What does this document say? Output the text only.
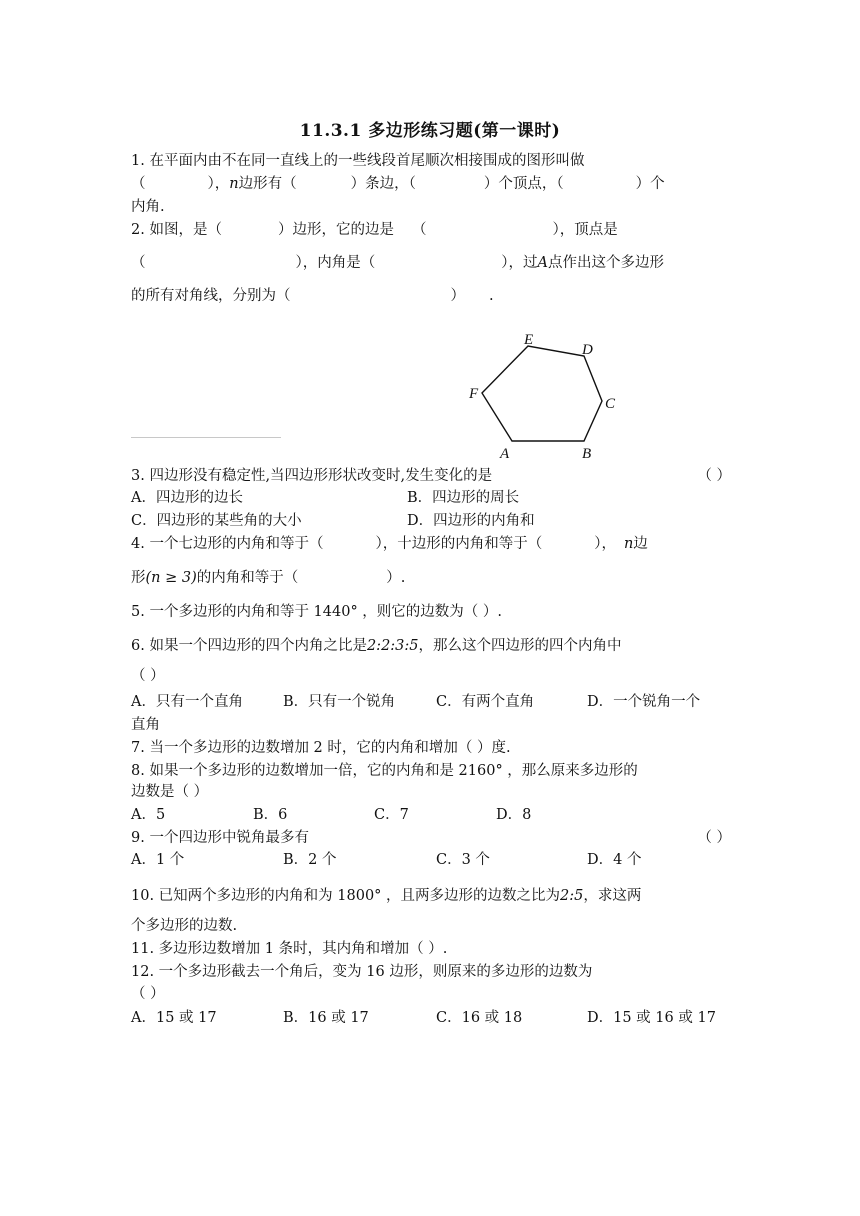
11.3.1 多边形练习题(第一课时)
1. 在平面内由不在同一直线上的一些线段首尾顺次相接围成的图形叫做
（	），n边形有（	）条边，（	）个顶点，（	）个
内角.
2. 如图，是（	）边形，它的边是 （	），顶点是
（	），内角是（	），过A点作出这个多边形
的所有对角线，分别为（	） .
A	B
C
D
E
F
3. 四边形没有稳定性,当四边形形状改变时,发生变化的是	（ ）
A．四边形的边长	B．四边形的周长
C．四边形的某些角的大小	D．四边形的内角和
4. 一个七边形的内角和等于（	），十边形的内角和等于（	）， n边
形(n ≥ 3)的内角和等于（	）.
5. 一个多边形的内角和等于 1440° ，则它的边数为（ ）.
6. 如果一个四边形的四个内角之比是2:2:3:5，那么这个四边形的四个内角中
（ ）
A．只有一个直角	B．只有一个锐角	C．有两个直角	D．一个锐角一个
直角
7. 当一个多边形的边数增加 2 时，它的内角和增加（ ）度.
8. 如果一个多边形的边数增加一倍，它的内角和是 2160° ，那么原来多边形的
边数是（ ）
A．5	B．6	C．7	D．8
9. 一个四边形中锐角最多有	（ ）
A．1 个	B．2 个	C．3 个	D．4 个
10. 已知两个多边形的内角和为 1800° ，且两多边形的边数之比为2:5，求这两
个多边形的边数.
11. 多边形边数增加 1 条时，其内角和增加（ ）.
12. 一个多边形截去一个角后，变为 16 边形，则原来的多边形的边数为
（ ）
A．15 或 17	B．16 或 17	C．16 或 18	D．15 或 16 或 17
